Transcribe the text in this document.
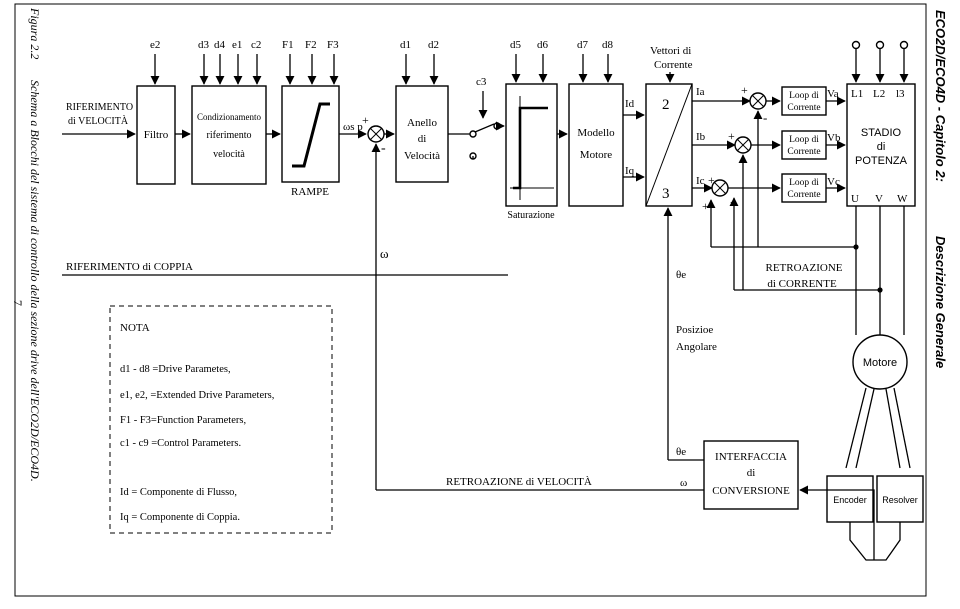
7
ECO2D/ECO4D - Capitolo 2:
Descrizione Generale
Figura 2.2
Schema a Blocchi del sistema di controllo della sezione drive dell'ECO2D/ECO4D. RIFERIMENTO
di VELOCITÀ
RIFERIMENTO di COPPIA
e2
Filtro
d3 d4 e1 c2
Condizionamento
riferimento
velocità
F1 F2 F3
RAMPE
ωs p +
-
d1 d2
Anello
di
Velocità
c3
d5 d6
Saturazione
d7 d8
Modello
Motore
Id
Iq
Vettori di
Corrente
2
3
Ia
Ib
Ic
+
-
+
-
+
+ +
Loop di
Corrente
Loop di
Corrente
Loop di
Corrente
Va
Vb
Vc
L1 L2 l3
STADIO
di
POTENZA
U V W
Motore
RETROAZIONE
di CORRENTE
Encoder Resolver
INTERFACCIA
di
CONVERSIONE
θe
θe
Posizioe
Angolare
ω
RETROAZIONE di VELOCITÀ
ω
NOTA
d1 - d8 =Drive Parametes,
e1, e2, =Extended Drive Parameters,
F1 - F3=Function Parameters,
c1 - c9 =Control Parameters.
Id = Componente di Flusso,
Iq = Componente di Coppia.
